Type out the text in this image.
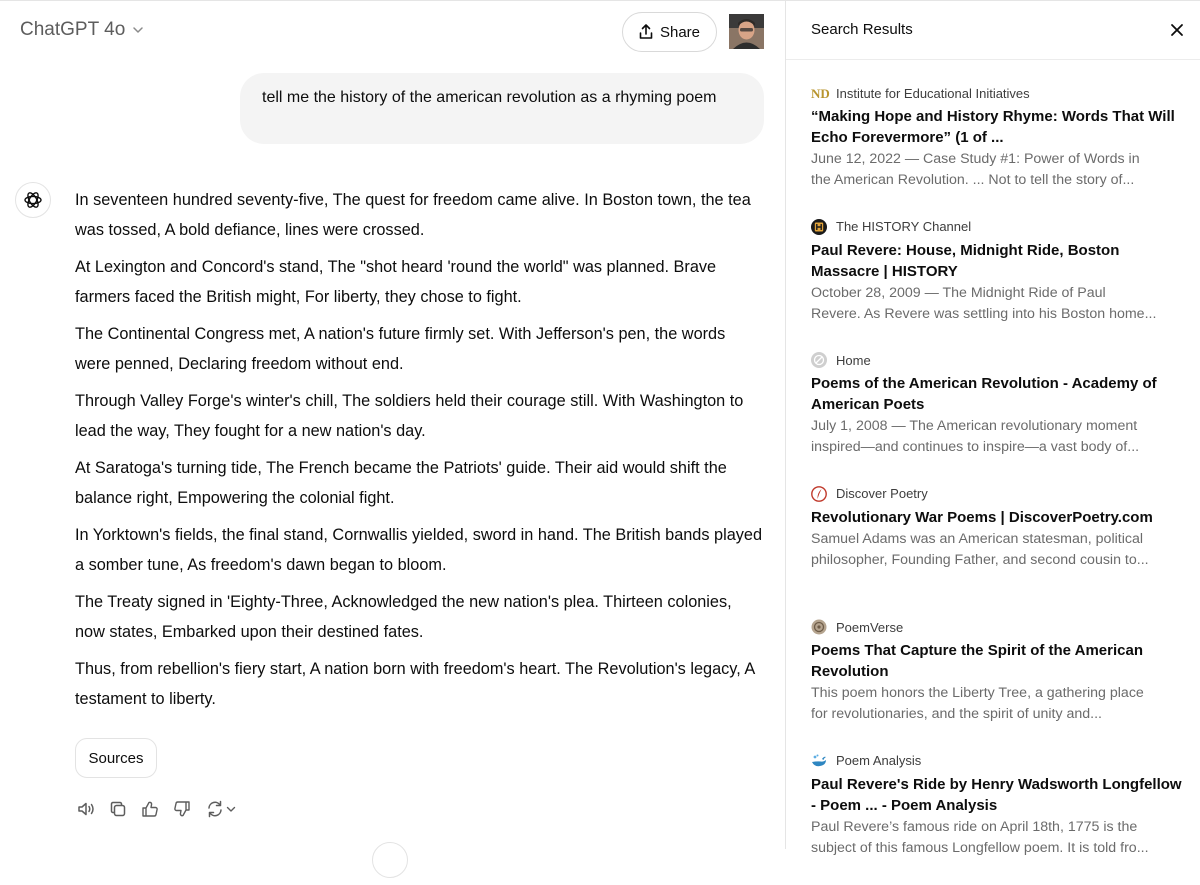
ChatGPT 4o	Share
tell me the history of the american revolution as a rhyming poem

In seventeen hundred seventy-five, The quest for freedom came alive. In Boston town, the tea was tossed, A bold defiance, lines were crossed.

At Lexington and Concord's stand, The "shot heard 'round the world" was planned. Brave farmers faced the British might, For liberty, they chose to fight.

The Continental Congress met, A nation's future firmly set. With Jefferson's pen, the words were penned, Declaring freedom without end.

Through Valley Forge's winter's chill, The soldiers held their courage still. With Washington to lead the way, They fought for a new nation's day.

At Saratoga's turning tide, The French became the Patriots' guide. Their aid would shift the balance right, Empowering the colonial fight.

In Yorktown's fields, the final stand, Cornwallis yielded, sword in hand. The British bands played a somber tune, As freedom's dawn began to bloom.

The Treaty signed in 'Eighty-Three, Acknowledged the new nation's plea. Thirteen colonies, now states, Embarked upon their destined fates.

Thus, from rebellion's fiery start, A nation born with freedom's heart. The Revolution's legacy, A testament to liberty.

Sources
Search Results
ND Institute for Educational Initiatives
“Making Hope and History Rhyme: Words That Will Echo Forevermore” (1 of ...
June 12, 2022 — Case Study #1: Power of Words in
the American Revolution. ... Not to tell the story of...
The HISTORY Channel
Paul Revere: House, Midnight Ride, Boston Massacre | HISTORY
October 28, 2009 — The Midnight Ride of Paul
Revere. As Revere was settling into his Boston home...
Home
Poems of the American Revolution - Academy of American Poets
July 1, 2008 — The American revolutionary moment
inspired—and continues to inspire—a vast body of...
Discover Poetry
Revolutionary War Poems | DiscoverPoetry.com
Samuel Adams was an American statesman, political
philosopher, Founding Father, and second cousin to...
PoemVerse
Poems That Capture the Spirit of the American Revolution
This poem honors the Liberty Tree, a gathering place
for revolutionaries, and the spirit of unity and...
Poem Analysis
Paul Revere's Ride by Henry Wadsworth Longfellow - Poem ... - Poem Analysis
Paul Revere’s famous ride on April 18th, 1775 is the
subject of this famous Longfellow poem. It is told fro...
